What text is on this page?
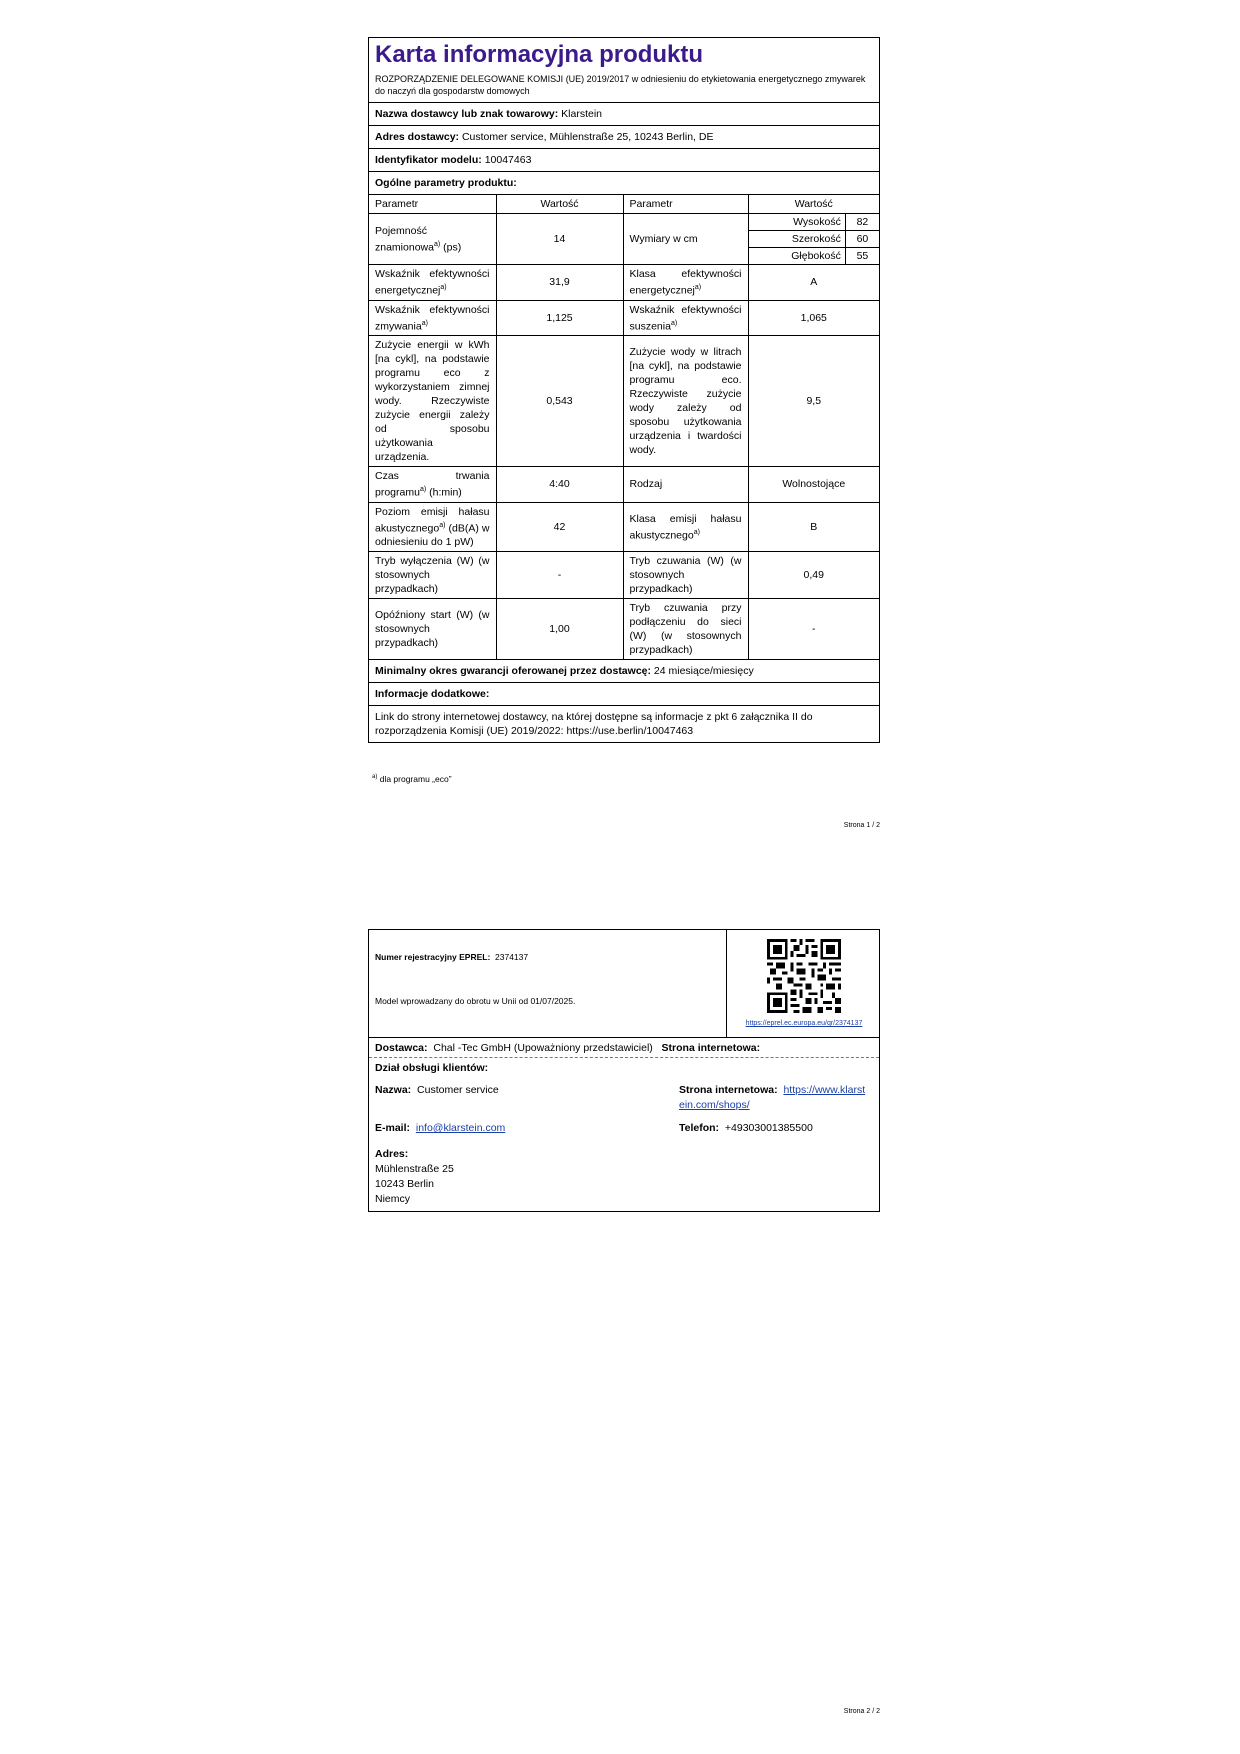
Karta informacyjna produktu
ROZPORZĄDZENIE DELEGOWANE KOMISJI (UE) 2019/2017 w odniesieniu do etykietowania energetycznego zmywarek do naczyń dla gospodarstw domowych
Nazwa dostawcy lub znak towarowy: Klarstein
Adres dostawcy: Customer service, Mühlenstraße 25, 10243 Berlin, DE
Identyfikator modelu: 10047463
Ogólne parametry produktu:
Parametr	Wartość	Parametr	Wartość
Pojemność znamionowa$^{a)}$ (ps)	14	Wymiary w cm	
Wysokość	82
Szerokość	60
Głębokość	55

Wskaźnik efektywności energetycznej$^{a)}$	31,9	Klasa efektywności energetycznej$^{a)}$	A
Wskaźnik efektywności zmywania$^{a)}$	1,125	Wskaźnik efektywności suszenia$^{a)}$	1,065
Zużycie energii w kWh [na cykl], na podstawie programu eco z wykorzystaniem zimnej wody. Rzeczywiste zużycie energii zależy od sposobu użytkowania urządzenia.	0,543	Zużycie wody w litrach [na cykl], na podstawie programu eco. Rzeczywiste zużycie wody zależy od sposobu użytkowania urządzenia i twardości wody.	9,5
Czas trwania programu$^{a)}$ (h:min)	4:40	Rodzaj	Wolnostojące
Poziom emisji hałasu akustycznego$^{a)}$ (dB(A) w odniesieniu do 1 pW)	42	Klasa emisji hałasu akustycznego$^{a)}$	B
Tryb wyłączenia (W) (w stosownych przypadkach)	-	Tryb czuwania (W) (w stosownych przypadkach)	0,49
Opóźniony start (W) (w stosownych przypadkach)	1,00	Tryb czuwania przy podłączeniu do sieci (W) (w stosownych przypadkach)	-
Minimalny okres gwarancji oferowanej przez dostawcę: 24 miesiące/miesięcy
Informacje dodatkowe:
Link do strony internetowej dostawcy, na której dostępne są informacje z pkt 6 załącznika II do rozporządzenia Komisji (UE) 2019/2022: https://use.berlin/10047463
$^{a)}$ dla programu „eco”
Strona 1 / 2
Numer rejestracyjny EPREL: 2374137
Model wprowadzany do obrotu w Unii od 01/07/2025.
https://eprel.ec.europa.eu/qr/2374137
Dostawca: Chal -Tec GmbH (Upoważniony przedstawiciel) Strona internetowa:
Dział obsługi klientów:
Nazwa: Customer service	Strona internetowa: https://www.klarstein.com/shops/
E-mail: info@klarstein.com	Telefon: +49303001385500
Adres:
Mühlenstraße 25
10243 Berlin
Niemcy
Strona 2 / 2
